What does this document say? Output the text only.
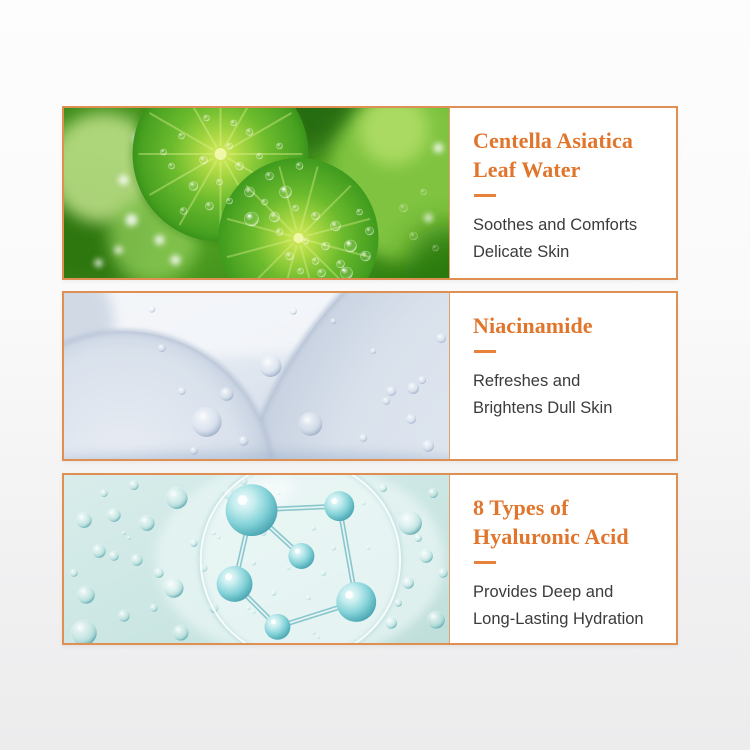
Centella Asiatica
Leaf Water

Soothes and Comforts
Delicate Skin

Niacinamide

Refreshes and
Brightens Dull Skin

8 Types of
Hyaluronic Acid

Provides Deep and
Long-Lasting Hydration
